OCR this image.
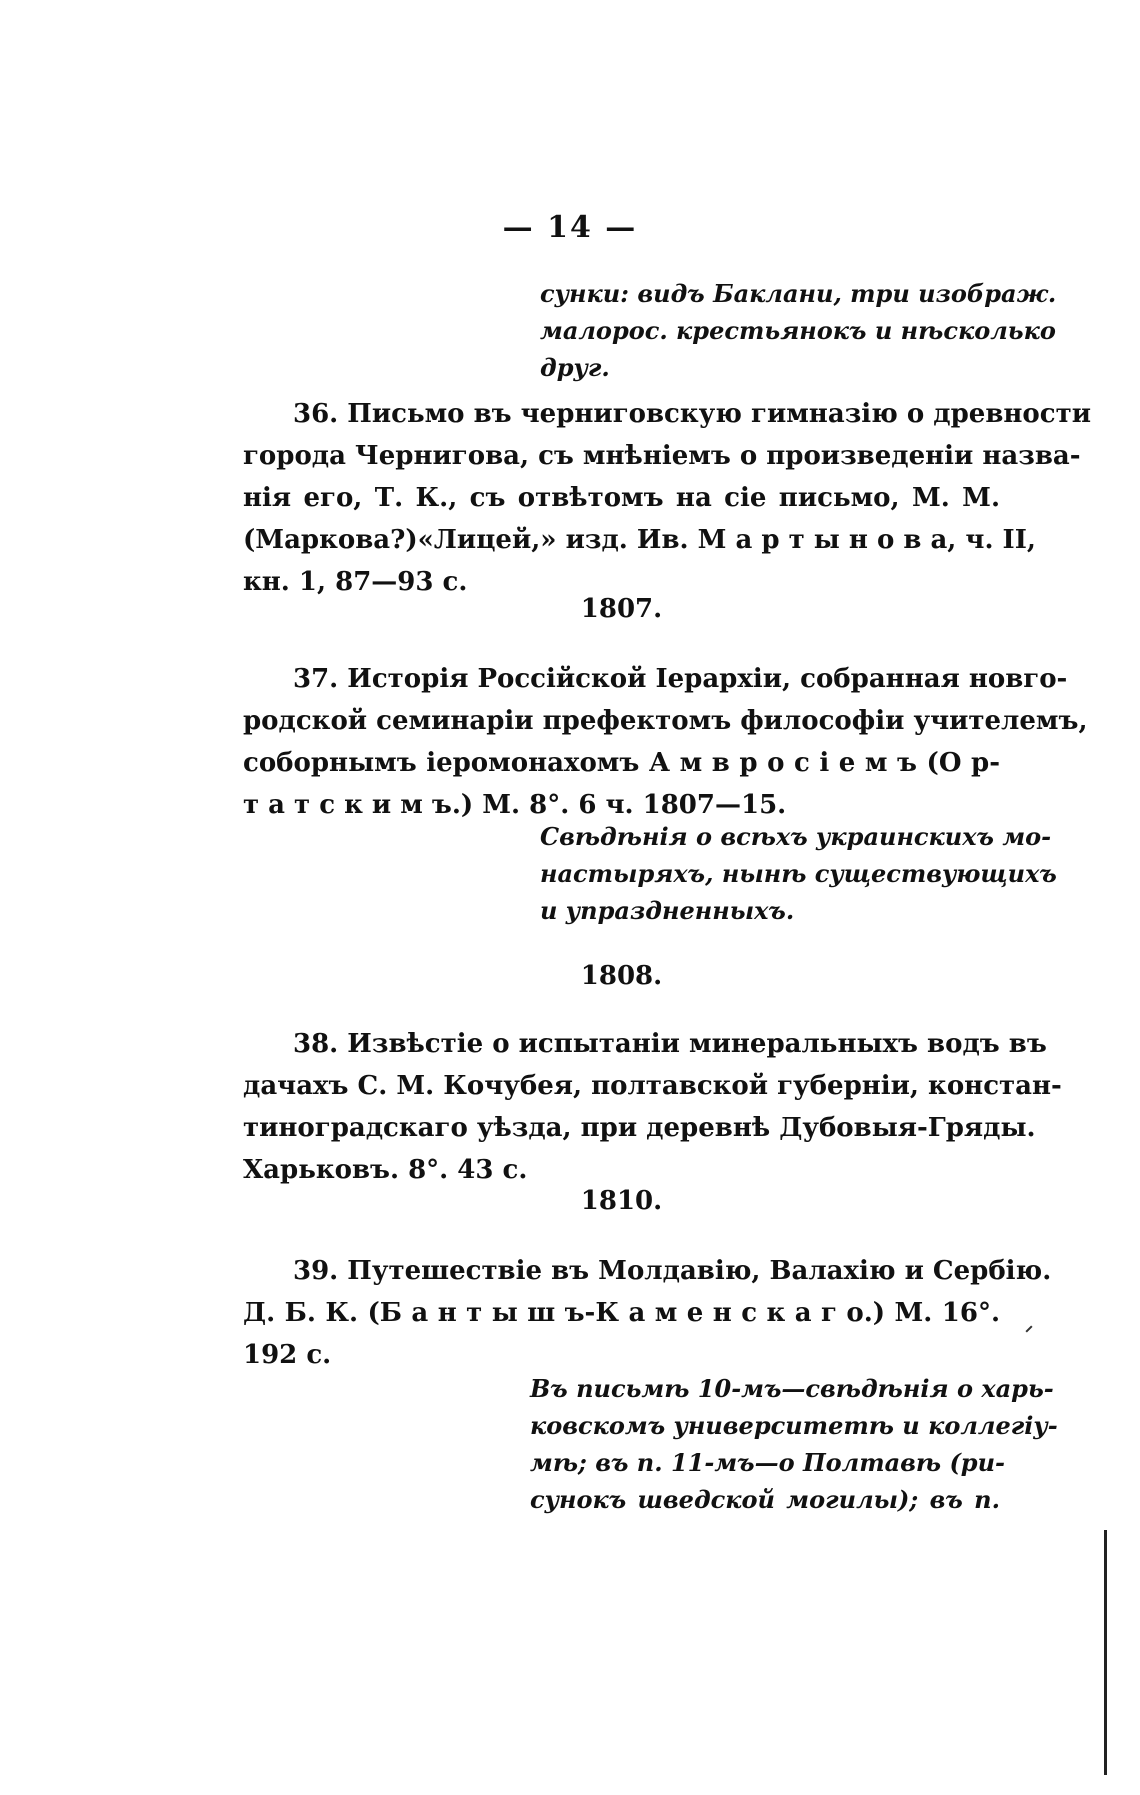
— 14 —
сунки: видъ Баклани, три изображ.
малорос. крестьянокъ и нѣсколько
друг.
36. Письмо въ черниговскую гимназію о древности
города Чернигова, съ мнѣніемъ о произведеніи назва-
нія его, Т. К., съ отвѣтомъ на сіе письмо, М. М.
(Маркова?)«Лицей,» изд. Ив. М а р т ы н о в а, ч. II,
кн. 1, 87—93 с.
1807.
37. Исторія Россійской Іерархіи, собранная новго-
родской семинаріи префектомъ философіи учителемъ,
соборнымъ іеромонахомъ А м в р о с і е м ъ (О р-
т а т с к и м ъ.) М. 8°. 6 ч. 1807—15.
Свѣдѣнія о всѣхъ украинскихъ мо-
настыряхъ, нынѣ существующихъ
и упраздненныхъ.
1808.
38. Извѣстіе о испытаніи минеральныхъ водъ въ
дачахъ С. М. Кочубея, полтавской губерніи, констан-
тиноградскаго уѣзда, при деревнѣ Дубовыя-Гряды.
Харьковъ. 8°. 43 с.
1810.
39. Путешествіе въ Молдавію, Валахію и Сербію.
Д. Б. К. (Б а н т ы ш ъ-К а м е н с к а г о.) М. 16°.
192 с.
Въ письмѣ 10-мъ—свѣдѣнія о харь-
ковскомъ университетѣ и коллегіу-
мѣ; въ п. 11-мъ—о Полтавѣ (ри-
сунокъ шведской могилы); въ п.
